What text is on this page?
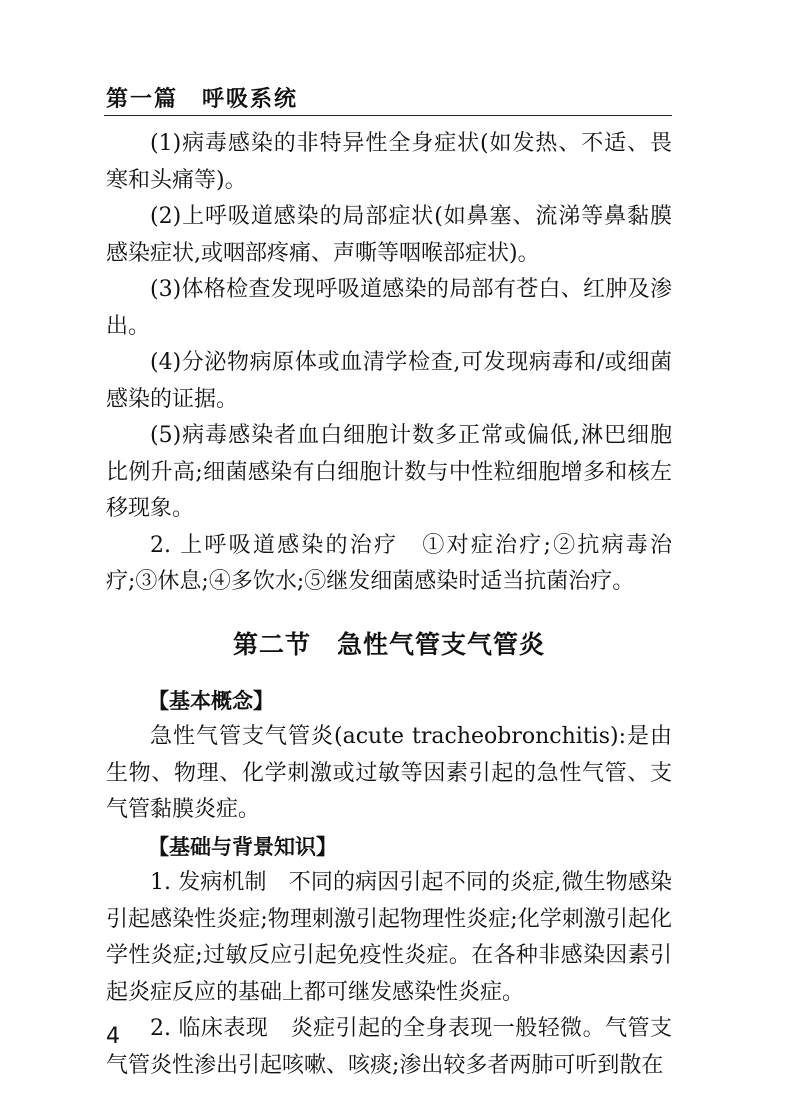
第一篇　呼吸系统

(1)病毒感染的非特异性全身症状(如发热、不适、畏寒和头痛等)。

(2)上呼吸道感染的局部症状(如鼻塞、流涕等鼻黏膜感染症状,或咽部疼痛、声嘶等咽喉部症状)。

(3)体格检查发现呼吸道感染的局部有苍白、红肿及渗出。

(4)分泌物病原体或血清学检查,可发现病毒和/或细菌感染的证据。

(5)病毒感染者血白细胞计数多正常或偏低,淋巴细胞比例升高;细菌感染有白细胞计数与中性粒细胞增多和核左移现象。

2. 上呼吸道感染的治疗　①对症治疗;②抗病毒治疗;③休息;④多饮水;⑤继发细菌感染时适当抗菌治疗。

第二节　急性气管支气管炎

【基本概念】

急性气管支气管炎(acute tracheobronchitis):是由生物、物理、化学刺激或过敏等因素引起的急性气管、支气管黏膜炎症。

【基础与背景知识】

1. 发病机制　不同的病因引起不同的炎症,微生物感染引起感染性炎症;物理刺激引起物理性炎症;化学刺激引起化学性炎症;过敏反应引起免疫性炎症。在各种非感染因素引起炎症反应的基础上都可继发感染性炎症。

2. 临床表现　炎症引起的全身表现一般轻微。气管支气管炎性渗出引起咳嗽、咳痰;渗出较多者两肺可听到散在

4
